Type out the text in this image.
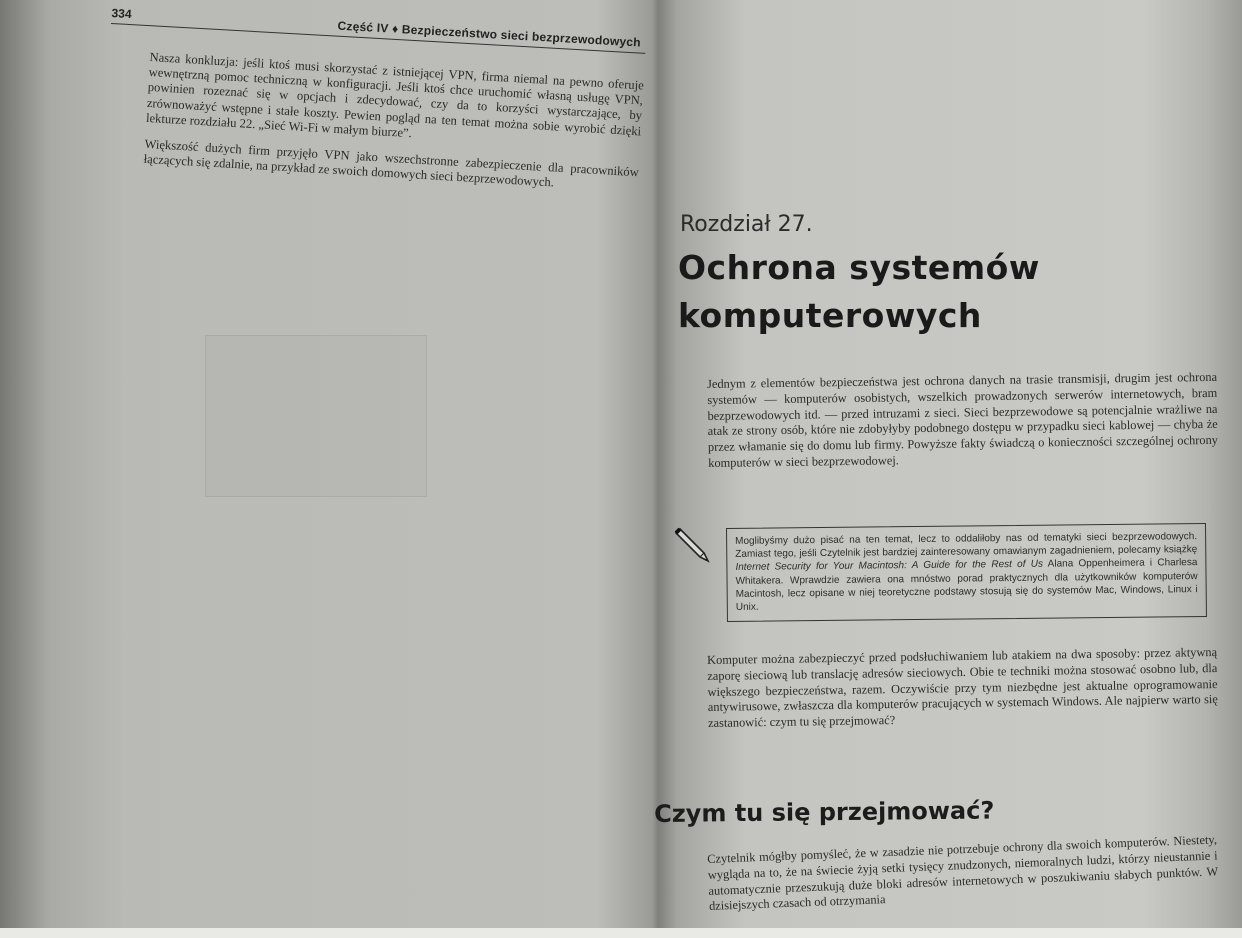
334
Część IV ♦ Bezpieczeństwo sieci bezprzewodowych

Nasza konkluzja: jeśli ktoś musi skorzystać z istniejącej VPN, firma niemal na pewno oferuje wewnętrzną pomoc techniczną w konfiguracji. Jeśli ktoś chce uruchomić własną usługę VPN, powinien rozeznać się w opcjach i zdecydować, czy da to korzyści wystarczające, by zrównoważyć wstępne i stałe koszty. Pewien pogląd na ten temat można sobie wyrobić dzięki lekturze rozdziału 22. „Sieć Wi-Fi w małym biurze”.

Większość dużych firm przyjęło VPN jako wszechstronne zabezpieczenie dla pracowników łączących się zdalnie, na przykład ze swoich domowych sieci bezprzewodowych.

Rozdział 27.
Ochrona systemów komputerowych
Jednym z elementów bezpieczeństwa jest ochrona danych na trasie transmisji, drugim jest ochrona systemów — komputerów osobistych, wszelkich prowadzonych serwerów internetowych, bram bezprzewodowych itd. — przed intruzami z sieci. Sieci bezprzewodowe są potencjalnie wrażliwe na atak ze strony osób, które nie zdobyłyby podobnego dostępu w przypadku sieci kablowej — chyba że przez włamanie się do domu lub firmy. Powyższe fakty świadczą o konieczności szczególnej ochrony komputerów w sieci bezprzewodowej.
Moglibyśmy dużo pisać na ten temat, lecz to oddaliłoby nas od tematyki sieci bezprzewodowych. Zamiast tego, jeśli Czytelnik jest bardziej zainteresowany omawianym zagadnieniem, polecamy książkę Internet Security for Your Macintosh: A Guide for the Rest of Us Alana Oppenheimera i Charlesa Whitakera. Wprawdzie zawiera ona mnóstwo porad praktycznych dla użytkowników komputerów Macintosh, lecz opisane w niej teoretyczne podstawy stosują się do systemów Mac, Windows, Linux i Unix.
Komputer można zabezpieczyć przed podsłuchiwaniem lub atakiem na dwa sposoby: przez aktywną zaporę sieciową lub translację adresów sieciowych. Obie te techniki można stosować osobno lub, dla większego bezpieczeństwa, razem. Oczywiście przy tym niezbędne jest aktualne oprogramowanie antywirusowe, zwłaszcza dla komputerów pracujących w systemach Windows. Ale najpierw warto się zastanowić: czym tu się przejmować?
Czym tu się przejmować?
Czytelnik mógłby pomyśleć, że w zasadzie nie potrzebuje ochrony dla swoich komputerów. Niestety, wygląda na to, że na świecie żyją setki tysięcy znudzonych, niemoralnych ludzi, którzy nieustannie i automatycznie przeszukują duże bloki adresów internetowych w poszukiwaniu słabych punktów. W dzisiejszych czasach od otrzymania
